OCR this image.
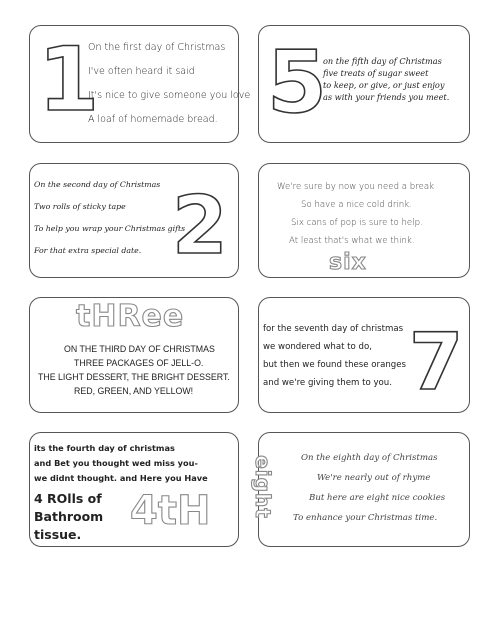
1
On the first day of Christmas
I've often heard it said
It's nice to give someone you love
A loaf of homemade bread. 5
on the fifth day of Christmas
five treats of sugar sweet
to keep, or give, or just enjoy
as with your friends you meet.
On the second day of Christmas
Two rolls of sticky tape
To help you wrap your Christmas gifts
For that extra special date. 2	We're sure by now you need a break
So have a nice cold drink.
Six cans of pop is sure to help.
At least that's what we think.
six
tHRee
ON THE THIRD DAY OF CHRISTMAS
THREE PACKAGES OF JELL-O.
THE LIGHT DESSERT, THE BRIGHT DESSERT.
RED, GREEN, AND YELLOW!
for the seventh day of christmas
we wondered what to do,
but then we found these oranges
and we're giving them to you. 7
its the fourth day of christmas
and Bet you thought wed miss you-
we didnt thought. and Here you Have
4 ROlls of
Bathroom
tissue.
4tH eight	On the eighth day of Christmas
We're nearly out of rhyme
But here are eight nice cookies
To enhance your Christmas time.
